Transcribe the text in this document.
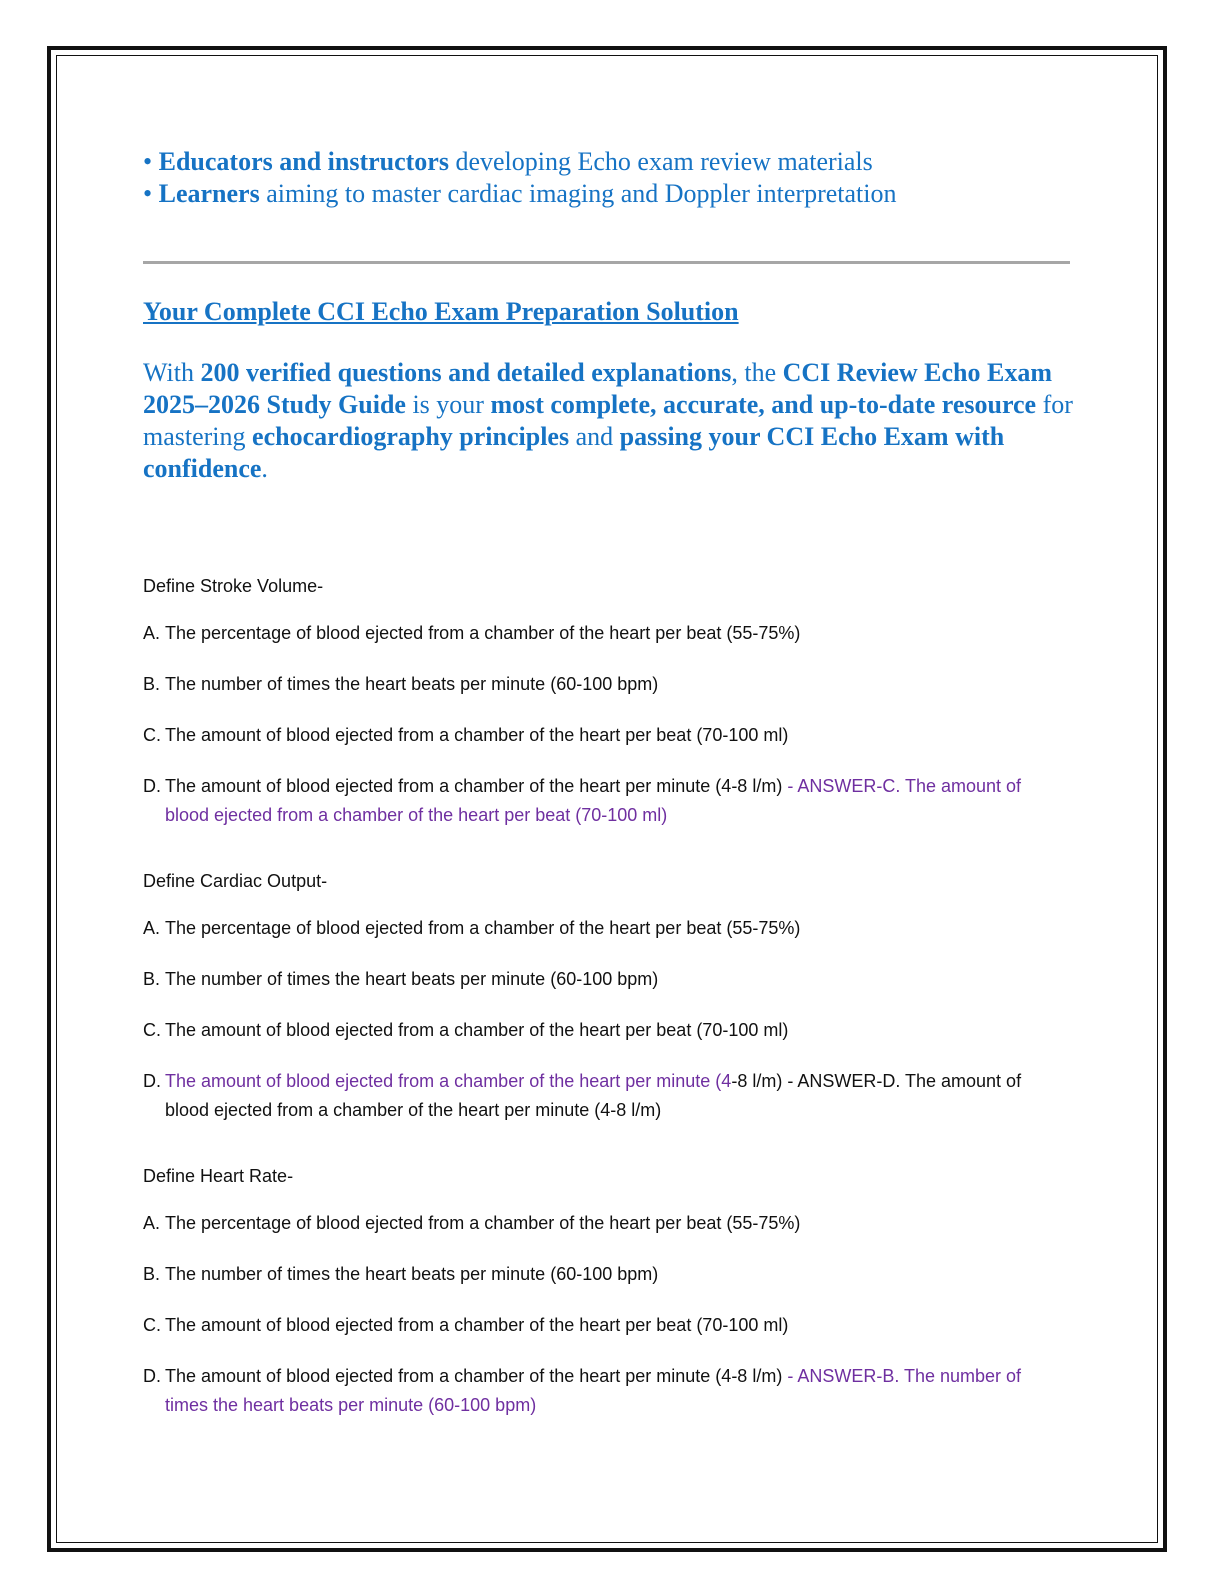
• Educators and instructors developing Echo exam review materials
• Learners aiming to master cardiac imaging and Doppler interpretation
Your Complete CCI Echo Exam Preparation Solution
With 200 verified questions and detailed explanations, the CCI Review Echo Exam 2025–2026 Study Guide is your most complete, accurate, and up-to-date resource for mastering echocardiography principles and passing your CCI Echo Exam with confidence.
Define Stroke Volume-
A. The percentage of blood ejected from a chamber of the heart per beat (55-75%)
B. The number of times the heart beats per minute (60-100 bpm)
C. The amount of blood ejected from a chamber of the heart per beat (70-100 ml)
D. The amount of blood ejected from a chamber of the heart per minute (4-8 l/m) - ANSWER-C. The amount of blood ejected from a chamber of the heart per beat (70-100 ml)
Define Cardiac Output-
A. The percentage of blood ejected from a chamber of the heart per beat (55-75%)
B. The number of times the heart beats per minute (60-100 bpm)
C. The amount of blood ejected from a chamber of the heart per beat (70-100 ml)
D. The amount of blood ejected from a chamber of the heart per minute (4-8 l/m) - ANSWER-D. The amount of blood ejected from a chamber of the heart per minute (4-8 l/m)
Define Heart Rate-
A. The percentage of blood ejected from a chamber of the heart per beat (55-75%)
B. The number of times the heart beats per minute (60-100 bpm)
C. The amount of blood ejected from a chamber of the heart per beat (70-100 ml)
D. The amount of blood ejected from a chamber of the heart per minute (4-8 l/m) - ANSWER-B. The number of times the heart beats per minute (60-100 bpm)
